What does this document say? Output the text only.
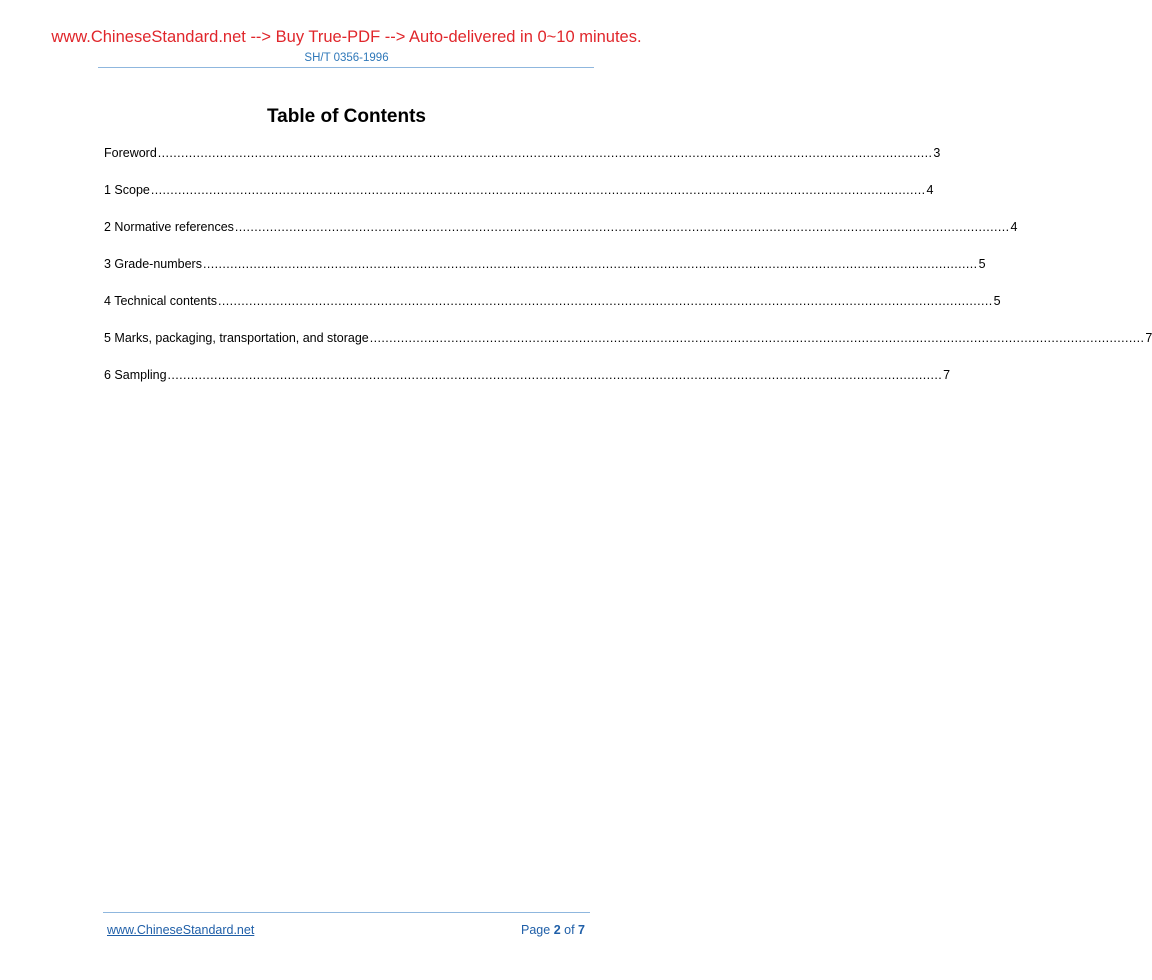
www.ChineseStandard.net --> Buy True-PDF --> Auto-delivered in 0~10 minutes.
SH/T 0356-1996
Table of Contents
Foreword ........................................................................................................................................................................................................ 3
1 Scope ........................................................................................................................................................................................................ 4
2 Normative references ........................................................................................................................................................................................................ 4
3 Grade-numbers ........................................................................................................................................................................................................ 5
4 Technical contents ........................................................................................................................................................................................................ 5
5 Marks, packaging, transportation, and storage ........................................................................................................................................................................................................ 7
6 Sampling ........................................................................................................................................................................................................ 7
www.ChineseStandard.net	Page 2 of 7
